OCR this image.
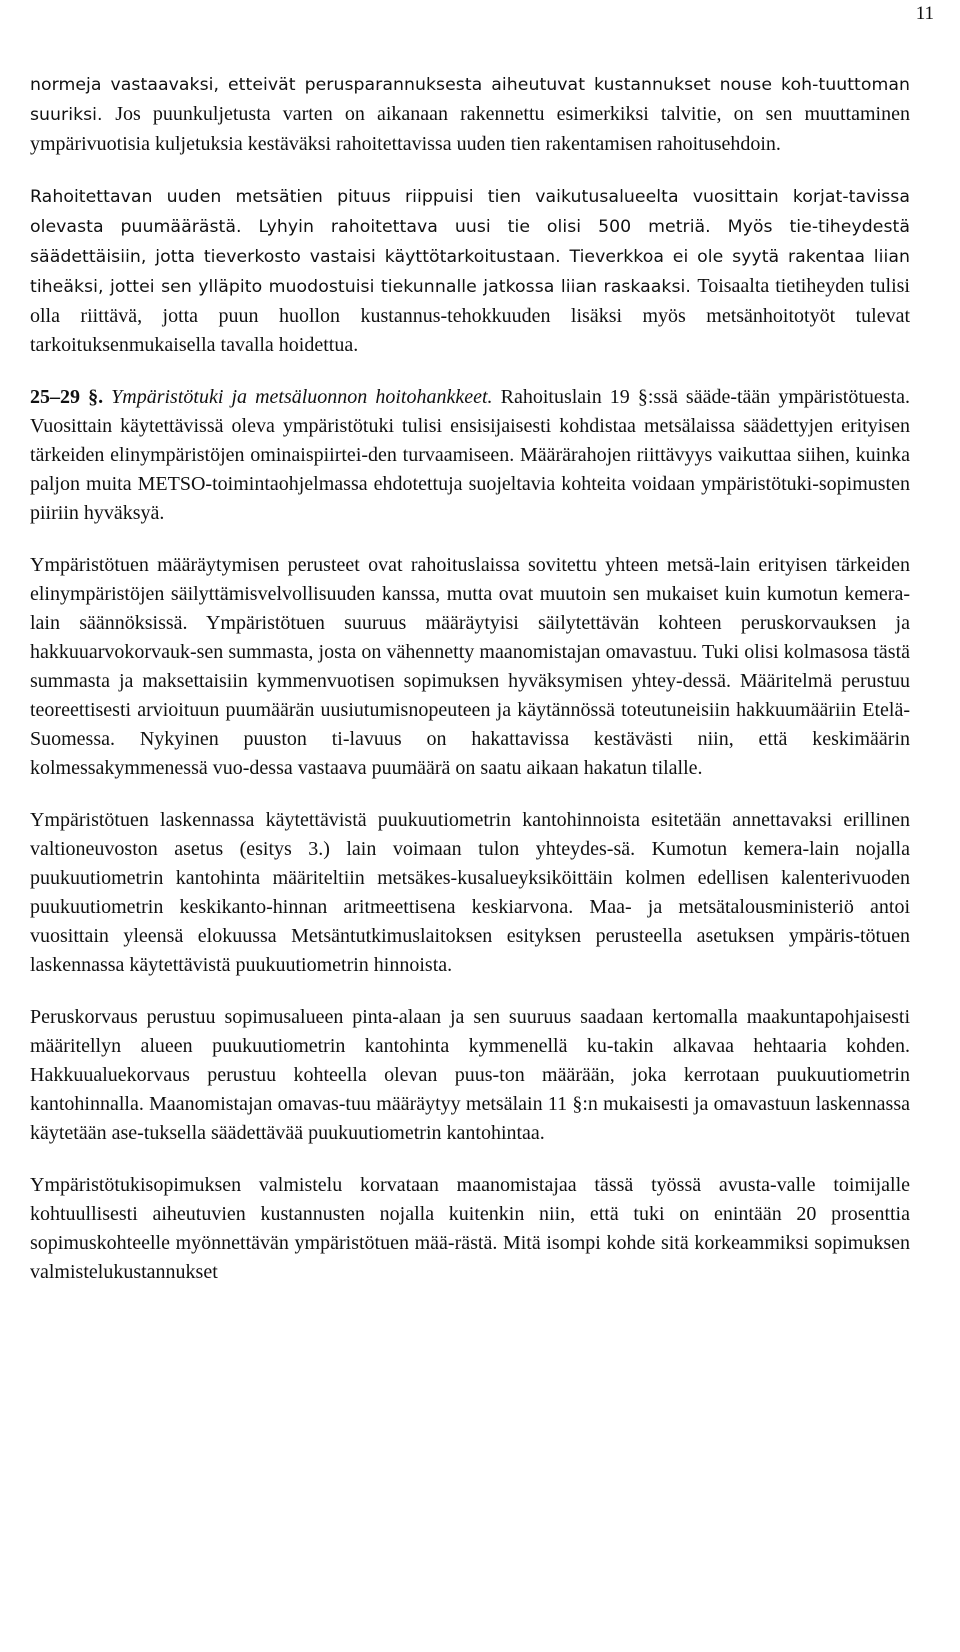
11

normeja vastaavaksi, etteivät perusparannuksesta aiheutuvat kustannukset nouse koh-tuuttoman suuriksi. Jos puunkuljetusta varten on aikanaan rakennettu esimerkiksi talvitie, on sen muuttaminen ympärivuotisia kuljetuksia kestäväksi rahoitettavissa uuden tien rakentamisen rahoitusehdoin.

Rahoitettavan uuden metsätien pituus riippuisi tien vaikutusalueelta vuosittain korjat-tavissa olevasta puumäärästä. Lyhyin rahoitettava uusi tie olisi 500 metriä. Myös tie-tiheydestä säädettäisiin, jotta tieverkosto vastaisi käyttötarkoitustaan. Tieverkkoa ei ole syytä rakentaa liian tiheäksi, jottei sen ylläpito muodostuisi tiekunnalle jatkossa liian raskaaksi. Toisaalta tietiheyden tulisi olla riittävä, jotta puun huollon kustannus-tehokkuuden lisäksi myös metsänhoitotyöt tulevat tarkoituksenmukaisella tavalla hoidettua.

25–29 §. Ympäristötuki ja metsäluonnon hoitohankkeet. Rahoituslain 19 §:ssä sääde-tään ympäristötuesta. Vuosittain käytettävissä oleva ympäristötuki tulisi ensisijaisesti kohdistaa metsälaissa säädettyjen erityisen tärkeiden elinympäristöjen ominaispiirtei-den turvaamiseen. Määrärahojen riittävyys vaikuttaa siihen, kuinka paljon muita METSO-toimintaohjelmassa ehdotettuja suojeltavia kohteita voidaan ympäristötuki-sopimusten piiriin hyväksyä.

Ympäristötuen määräytymisen perusteet ovat rahoituslaissa sovitettu yhteen metsä-lain erityisen tärkeiden elinympäristöjen säilyttämisvelvollisuuden kanssa, mutta ovat muutoin sen mukaiset kuin kumotun kemera-lain säännöksissä. Ympäristötuen suuruus määräytyisi säilytettävän kohteen peruskorvauksen ja hakkuuarvokorvauk-sen summasta, josta on vähennetty maanomistajan omavastuu. Tuki olisi kolmasosa tästä summasta ja maksettaisiin kymmenvuotisen sopimuksen hyväksymisen yhtey-dessä. Määritelmä perustuu teoreettisesti arvioituun puumäärän uusiutumisnopeuteen ja käytännössä toteutuneisiin hakkuumääriin Etelä-Suomessa. Nykyinen puuston ti-lavuus on hakattavissa kestävästi niin, että keskimäärin kolmessakymmenessä vuo-dessa vastaava puumäärä on saatu aikaan hakatun tilalle.

Ympäristötuen laskennassa käytettävistä puukuutiometrin kantohinnoista esitetään annettavaksi erillinen valtioneuvoston asetus (esitys 3.) lain voimaan tulon yhteydes-sä. Kumotun kemera-lain nojalla puukuutiometrin kantohinta määriteltiin metsäkes-kusalueyksiköittäin kolmen edellisen kalenterivuoden puukuutiometrin keskikanto-hinnan aritmeettisena keskiarvona. Maa- ja metsätalousministeriö antoi vuosittain yleensä elokuussa Metsäntutkimuslaitoksen esityksen perusteella asetuksen ympäris-tötuen laskennassa käytettävistä puukuutiometrin hinnoista.

Peruskorvaus perustuu sopimusalueen pinta-alaan ja sen suuruus saadaan kertomalla maakuntapohjaisesti määritellyn alueen puukuutiometrin kantohinta kymmenellä ku-takin alkavaa hehtaaria kohden. Hakkuualuekorvaus perustuu kohteella olevan puus-ton määrään, joka kerrotaan puukuutiometrin kantohinnalla. Maanomistajan omavas-tuu määräytyy metsälain 11 §:n mukaisesti ja omavastuun laskennassa käytetään ase-tuksella säädettävää puukuutiometrin kantohintaa.

Ympäristötukisopimuksen valmistelu korvataan maanomistajaa tässä työssä avusta-valle toimijalle kohtuullisesti aiheutuvien kustannusten nojalla kuitenkin niin, että tuki on enintään 20 prosenttia sopimuskohteelle myönnettävän ympäristötuen mää-rästä. Mitä isompi kohde sitä korkeammiksi sopimuksen valmistelukustannukset
